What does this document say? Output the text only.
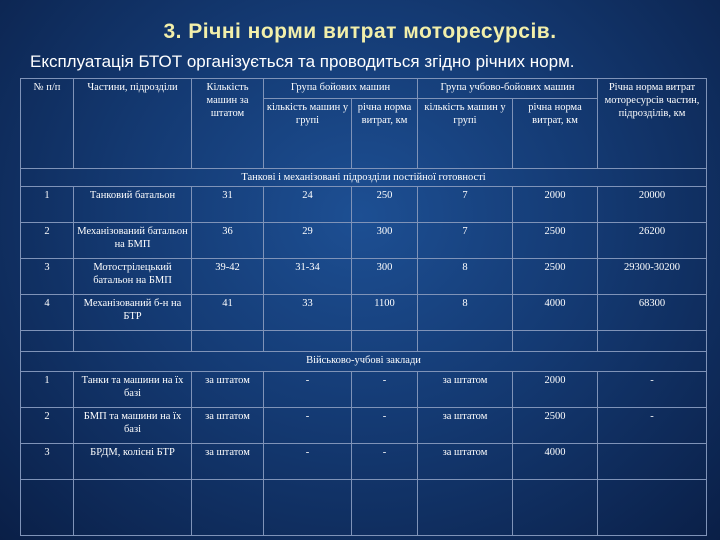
3. Річні норми витрат моторесурсів.
Експлуатація БТОТ організується та проводиться згідно річних норм.
№ п/п	Частини, підрозділи	Кількість машин за штатом	Група бойових машин		Група учбово-бойових машин		Річна норма витрат моторесурсів частин, підрозділів, км
			кількість машин у групі	річна норма витрат, км	кількість машин у групі	річна норма витрат, км	
Танкові і механізовані підрозділи постійної готовності							
1	Танковий батальон	31	24	250	7	2000	20000
2	Механізований батальон на БМП	36	29	300	7	2500	26200
3	Мотострілецький батальон на БМП	39-42	31-34	300	8	2500	29300-30200
4	Механізований б-н на БТР	41	33	1100	8	4000	68300

Військово-учбові заклади							
1	Танки та машини на їх базі	за штатом	-	-	за штатом	2000	-
2	БМП та машини на їх базі	за штатом	-	-	за штатом	2500	-
3	БРДМ, колісні БТР	за штатом	-	-	за штатом	4000	
